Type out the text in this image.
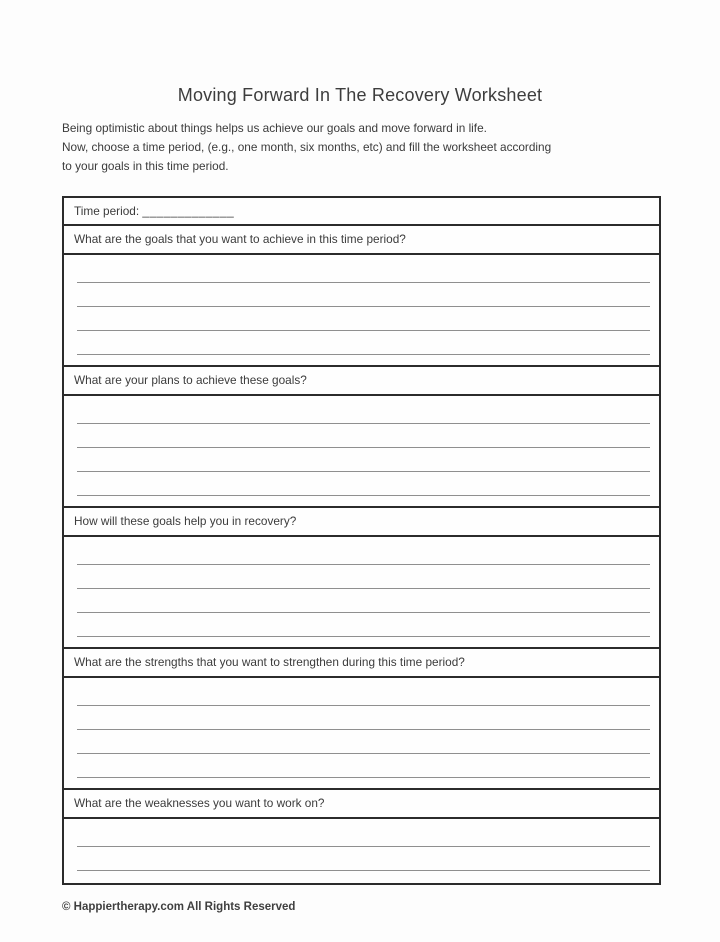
Moving Forward In The Recovery Worksheet
Being optimistic about things helps us achieve our goals and move forward in life.
Now, choose a time period, (e.g., one month, six months, etc) and fill the worksheet according
to your goals in this time period.
Time period: _____________
What are the goals that you want to achieve in this time period?
What are your plans to achieve these goals?
How will these goals help you in recovery?
What are the strengths that you want to strengthen during this time period?
What are the weaknesses you want to work on?
© Happiertherapy.com All Rights Reserved
